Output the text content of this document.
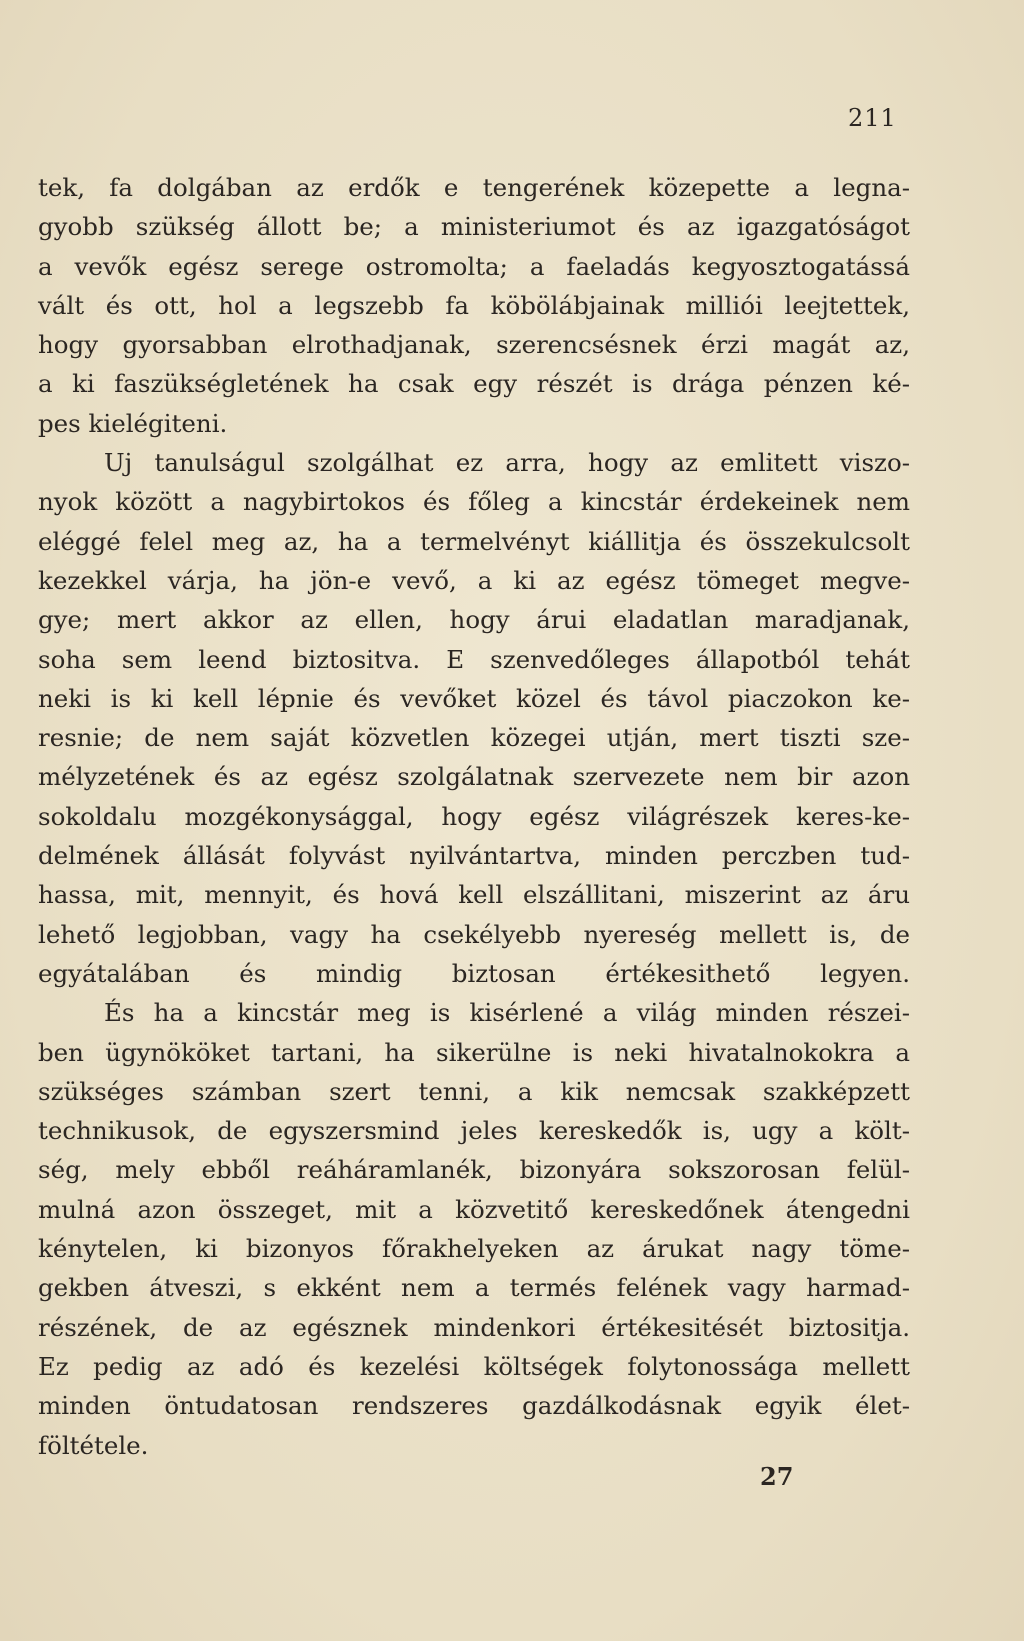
211

tek, fa dolgában az erdők e tengerének közepette a legna-
gyobb szükség állott be; a ministeriumot és az igazgatóságot
a vevők egész serege ostromolta; a faeladás kegyosztogatássá
vált és ott, hol a legszebb fa köbölábjainak milliói leejtettek,
hogy gyorsabban elrothadjanak, szerencsésnek érzi magát az,
a ki faszükségletének ha csak egy részét is drága pénzen ké-
pes kielégiteni.

Uj tanulságul szolgálhat ez arra, hogy az emlitett viszo-
nyok között a nagybirtokos és főleg a kincstár érdekeinek nem
eléggé felel meg az, ha a termelvényt kiállitja és összekulcsolt
kezekkel várja, ha jön-e vevő, a ki az egész tömeget megve-
gye; mert akkor az ellen, hogy árui eladatlan maradjanak,
soha sem leend biztositva. E szenvedőleges állapotból tehát
neki is ki kell lépnie és vevőket közel és távol piaczokon ke-
resnie; de nem saját közvetlen közegei utján, mert tiszti sze-
mélyzetének és az egész szolgálatnak szervezete nem bir azon
sokoldalu mozgékonysággal, hogy egész világrészek keres-ke-
delmének állását folyvást nyilvántartva, minden perczben tud-
hassa, mit, mennyit, és hová kell elszállitani, miszerint az áru
lehető legjobban, vagy ha csekélyebb nyereség mellett is, de
egyátalában és mindig biztosan értékesithető legyen.

És ha a kincstár meg is kisérlené a világ minden részei-
ben ügynököket tartani, ha sikerülne is neki hivatalnokokra a
szükséges számban szert tenni, a kik nemcsak szakképzett
technikusok, de egyszersmind jeles kereskedők is, ugy a költ-
ség, mely ebből reáháramlanék, bizonyára sokszorosan felül-
mulná azon összeget, mit a közvetitő kereskedőnek átengedni
kénytelen, ki bizonyos főrakhelyeken az árukat nagy töme-
gekben átveszi, s ekként nem a termés felének vagy harmad-
részének, de az egésznek mindenkori értékesitését biztositja.
Ez pedig az adó és kezelési költségek folytonossága mellett
minden öntudatosan rendszeres gazdálkodásnak egyik élet-
föltétele.

27
